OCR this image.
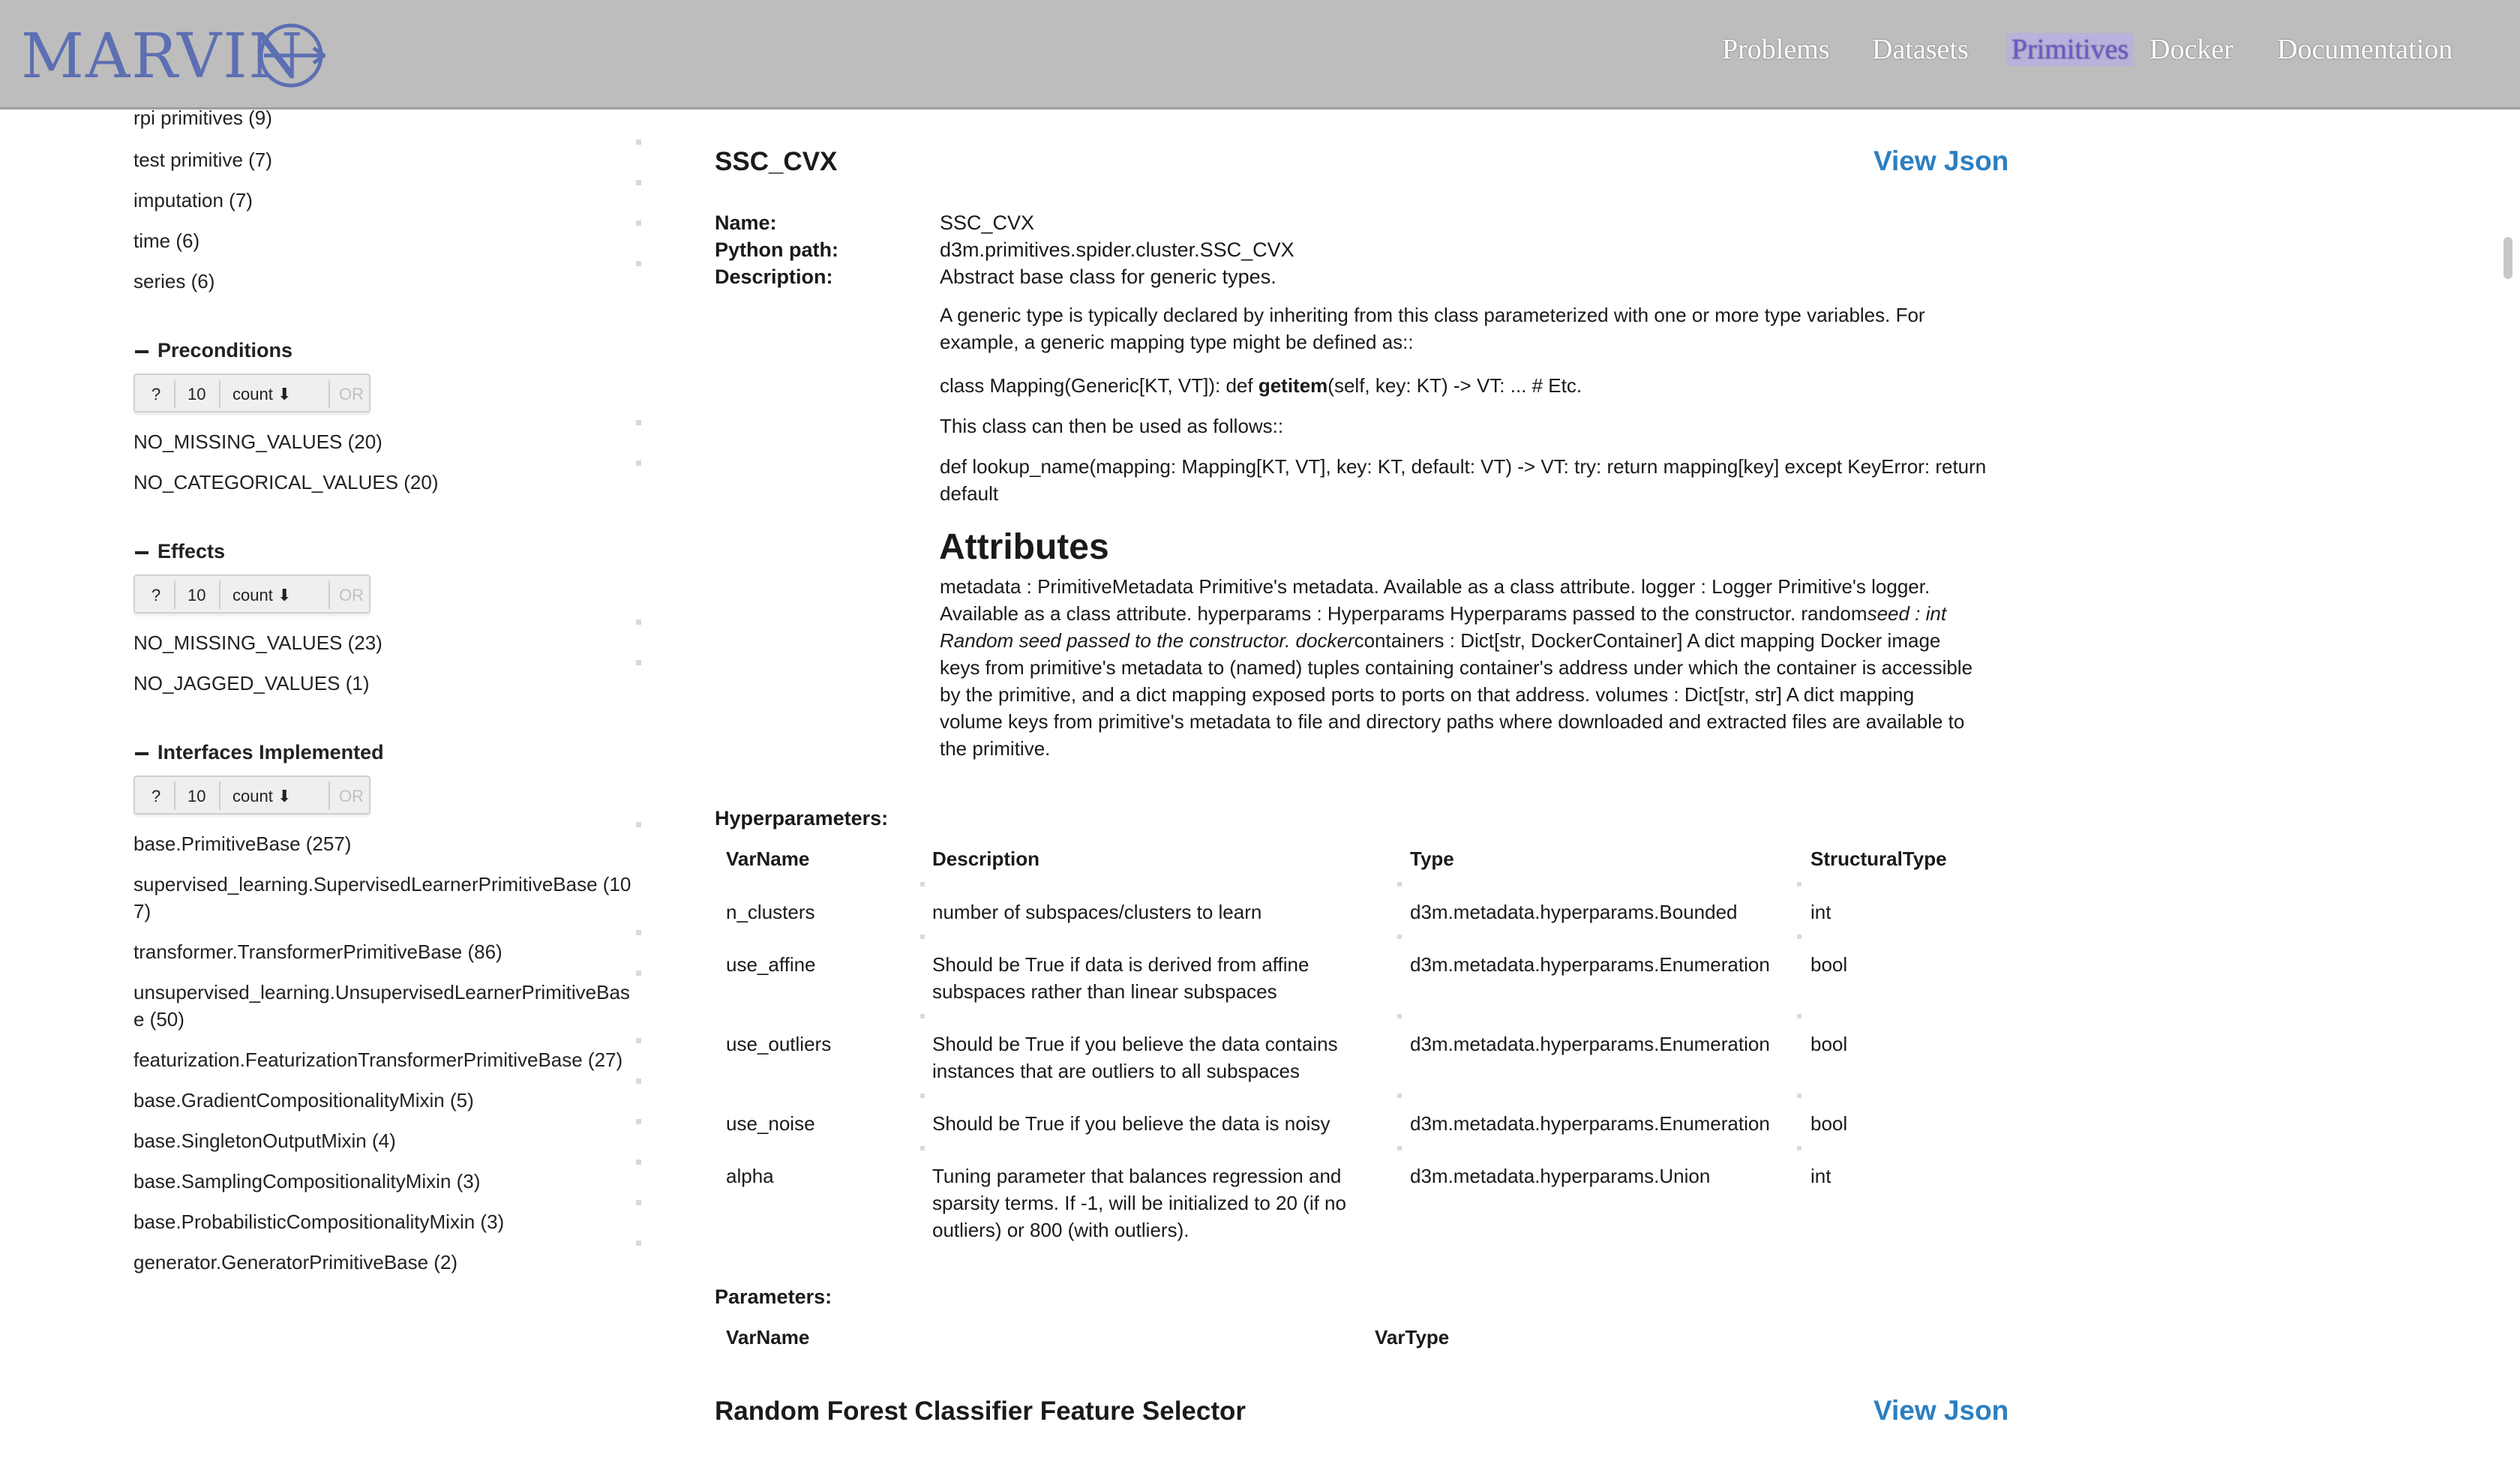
MARVIN	Problems Datasets Primitives Docker Documentation
rpi primitives (9)
test primitive (7)
imputation (7)
time (6)
series (6)
Preconditions
? 10 count ⬇	OR
NO_MISSING_VALUES (20)
NO_CATEGORICAL_VALUES (20)
Effects
? 10 count ⬇	OR
NO_MISSING_VALUES (23)
NO_JAGGED_VALUES (1)
Interfaces Implemented
? 10 count ⬇	OR
base.PrimitiveBase (257)
supervised_learning.SupervisedLearnerPrimitiveBase (10
7)
transformer.TransformerPrimitiveBase (86)
unsupervised_learning.UnsupervisedLearnerPrimitiveBas
e (50)
featurization.FeaturizationTransformerPrimitiveBase (27)
base.GradientCompositionalityMixin (5)
base.SingletonOutputMixin (4)
base.SamplingCompositionalityMixin (3)
base.ProbabilisticCompositionalityMixin (3)
generator.GeneratorPrimitiveBase (2)
SSC_CVX	View Json
Name:	SSC_CVX
Python path:	d3m.primitives.spider.cluster.SSC_CVX
Description:	Abstract base class for generic types.
A generic type is typically declared by inheriting from this class parameterized with one or more type variables. For
example, a generic mapping type might be defined as::
class Mapping(Generic[KT, VT]): def getitem(self, key: KT) -> VT: ... # Etc.
This class can then be used as follows::
def lookup_name(mapping: Mapping[KT, VT], key: KT, default: VT) -> VT: try: return mapping[key] except KeyError: return
default
Attributes
metadata : PrimitiveMetadata Primitive's metadata. Available as a class attribute. logger : Logger Primitive's logger.
Available as a class attribute. hyperparams : Hyperparams Hyperparams passed to the constructor. randomseed : int
Random seed passed to the constructor. dockercontainers : Dict[str, DockerContainer] A dict mapping Docker image
keys from primitive's metadata to (named) tuples containing container's address under which the container is accessible
by the primitive, and a dict mapping exposed ports to ports on that address. volumes : Dict[str, str] A dict mapping
volume keys from primitive's metadata to file and directory paths where downloaded and extracted files are available to
the primitive.
Hyperparameters:
VarName	Description	Type	StructuralType
n_clusters	number of subspaces/clusters to learn	d3m.metadata.hyperparams.Bounded	int
use_affine	Should be True if data is derived from affine
subspaces rather than linear subspaces
d3m.metadata.hyperparams.Enumeration bool
use_outliers	Should be True if you believe the data contains
instances that are outliers to all subspaces
d3m.metadata.hyperparams.Enumeration bool
use_noise	Should be True if you believe the data is noisy	d3m.metadata.hyperparams.Enumeration bool
alpha	Tuning parameter that balances regression and
sparsity terms. If -1, will be initialized to 20 (if no
outliers) or 800 (with outliers).
d3m.metadata.hyperparams.Union	int
Parameters:
VarName	VarType
Random Forest Classifier Feature Selector	View Json
